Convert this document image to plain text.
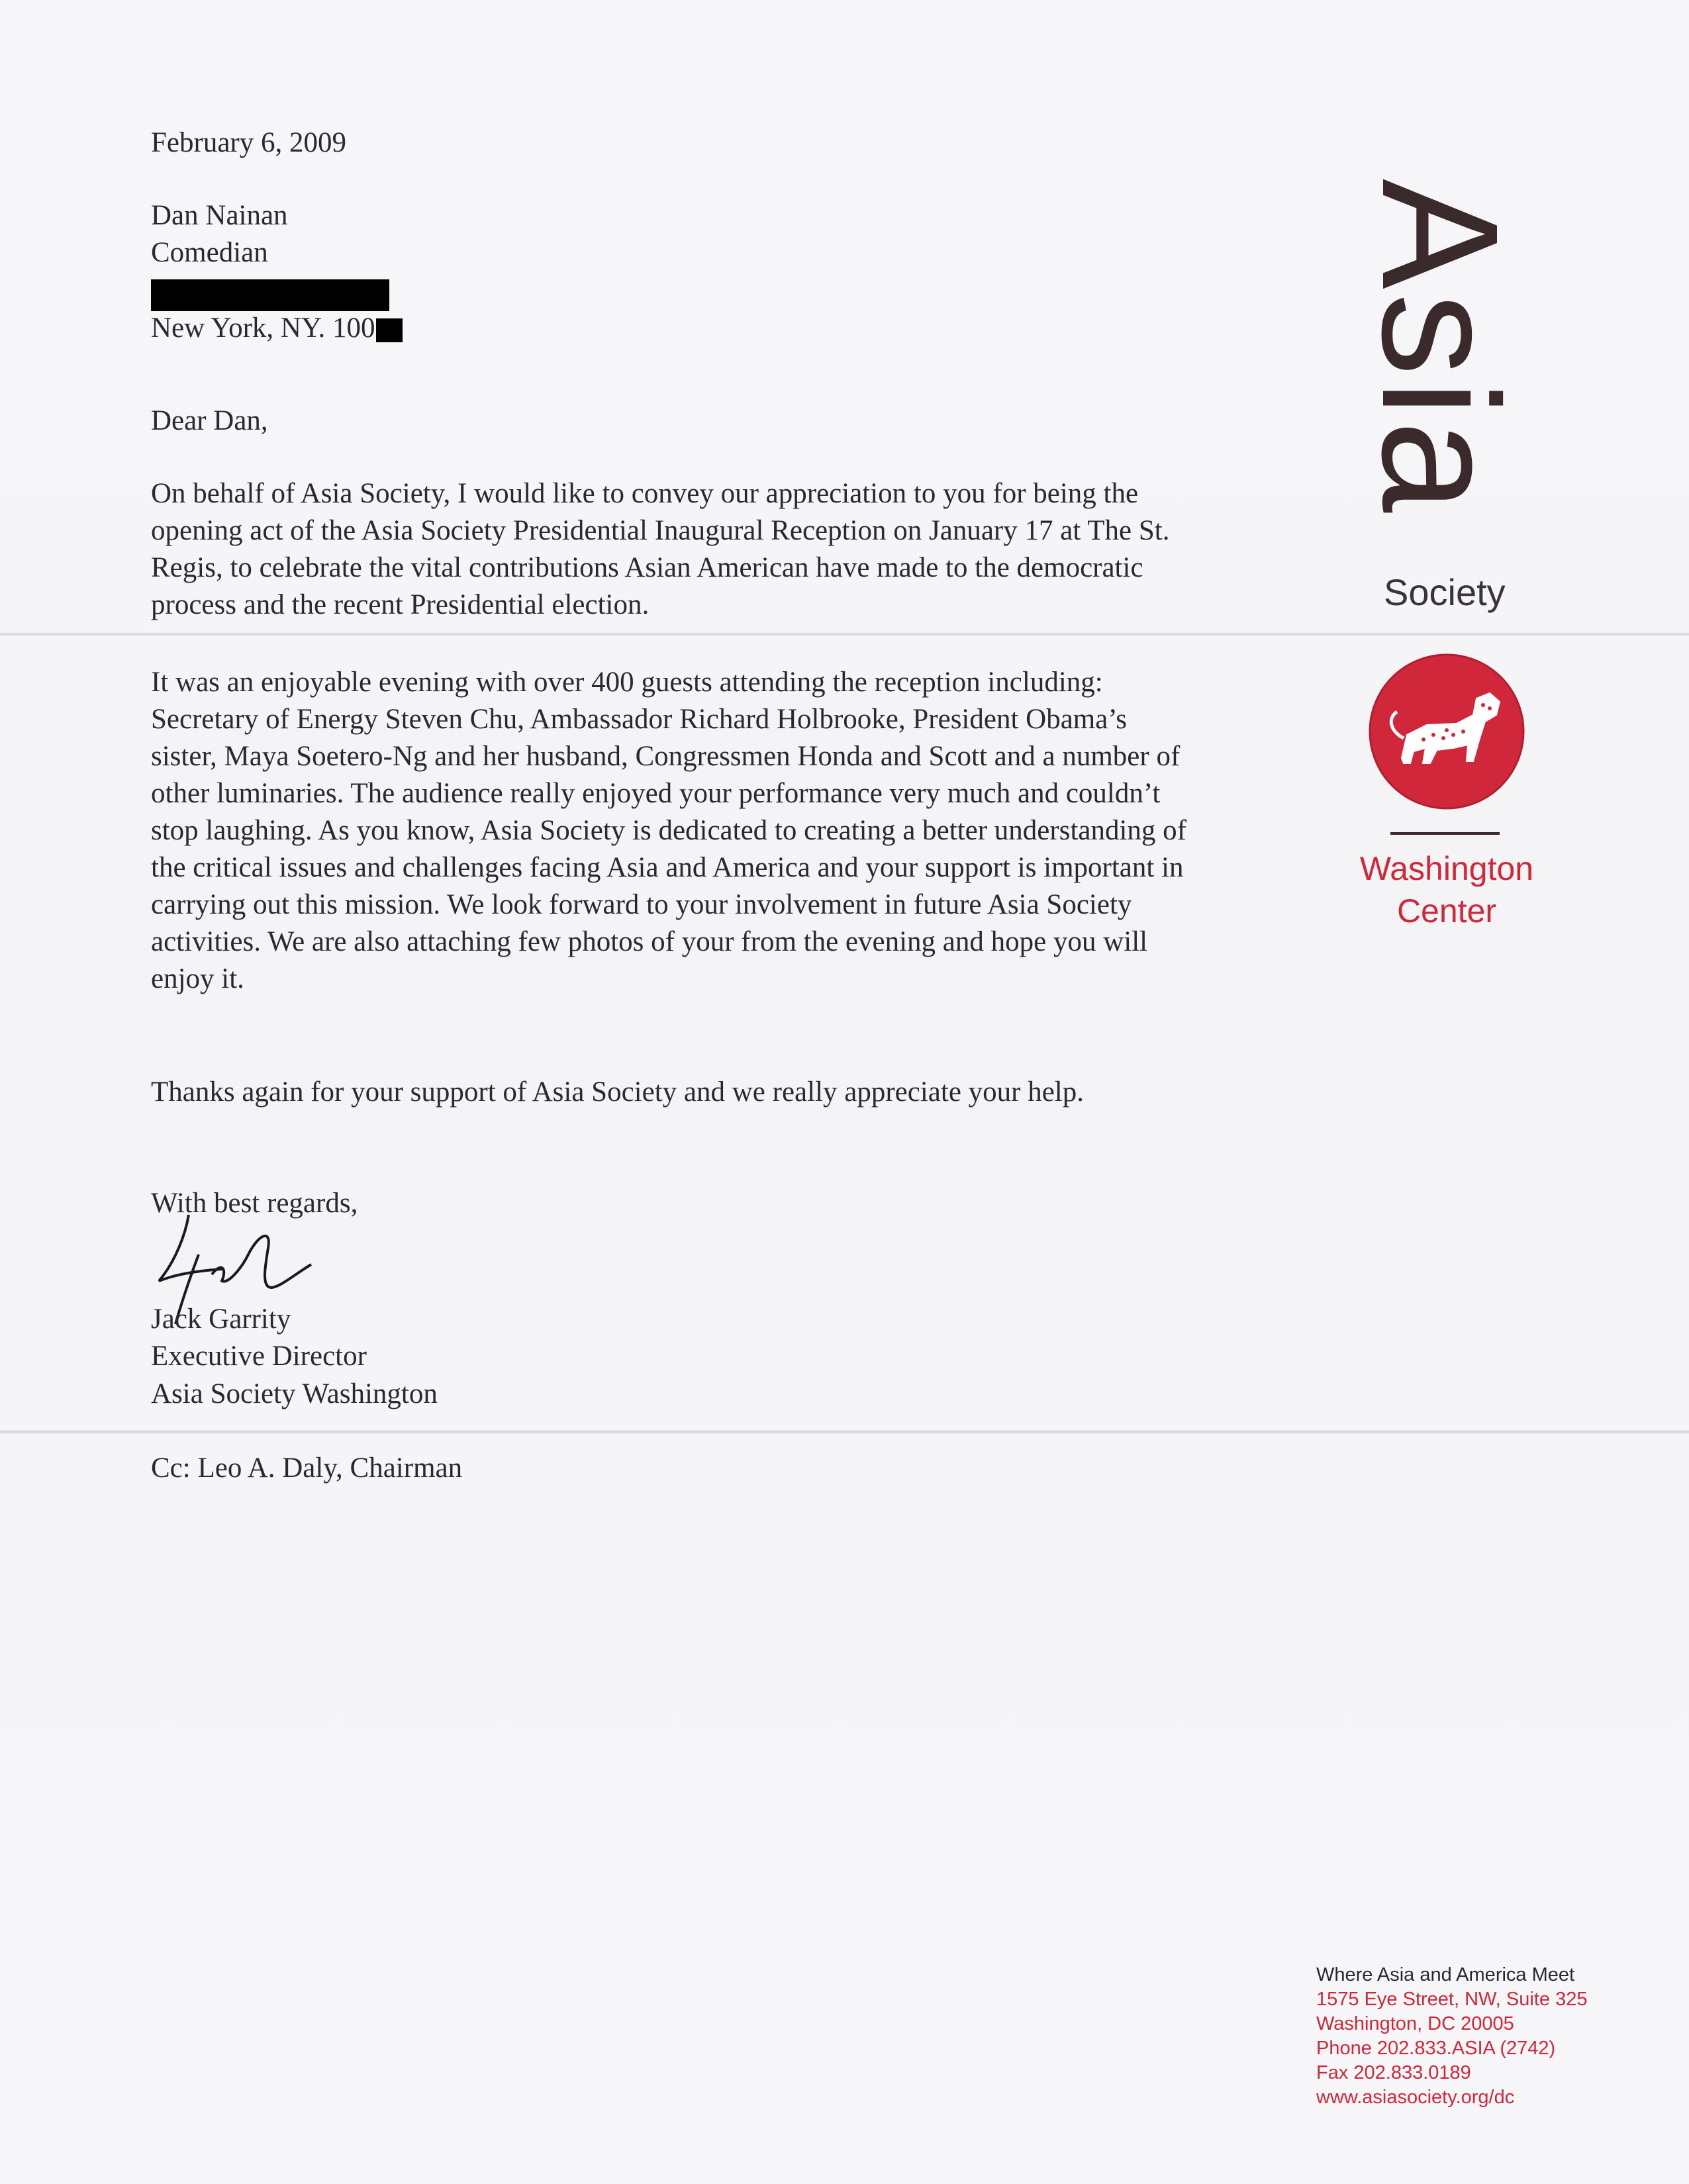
February 6, 2009
Dan Nainan
Comedian
New York, NY. 100
Dear Dan,

On behalf of Asia Society, I would like to convey our appreciation to you for being the opening act of the Asia Society Presidential Inaugural Reception on January 17 at The St. Regis, to celebrate the vital contributions Asian American have made to the democratic process and the recent Presidential election.

It was an enjoyable evening with over 400 guests attending the reception including: Secretary of Energy Steven Chu, Ambassador Richard Holbrooke, President Obama’s sister, Maya Soetero-Ng and her husband, Congressmen Honda and Scott and a number of other luminaries. The audience really enjoyed your performance very much and couldn’t stop laughing. As you know, Asia Society is dedicated to creating a better understanding of the critical issues and challenges facing Asia and America and your support is important in carrying out this mission. We look forward to your involvement in future Asia Society activities. We are also attaching few photos of your from the evening and hope you will enjoy it.

Thanks again for your support of Asia Society and we really appreciate your help.

With best regards,
Jack Garrity
Executive Director
Asia Society Washington
Cc: Leo A. Daly, Chairman

Asia
Society
Washington
Center
Where Asia and America Meet
1575 Eye Street, NW, Suite 325
Washington, DC 20005
Phone 202.833.ASIA (2742)
Fax 202.833.0189
www.asiasociety.org/dc
